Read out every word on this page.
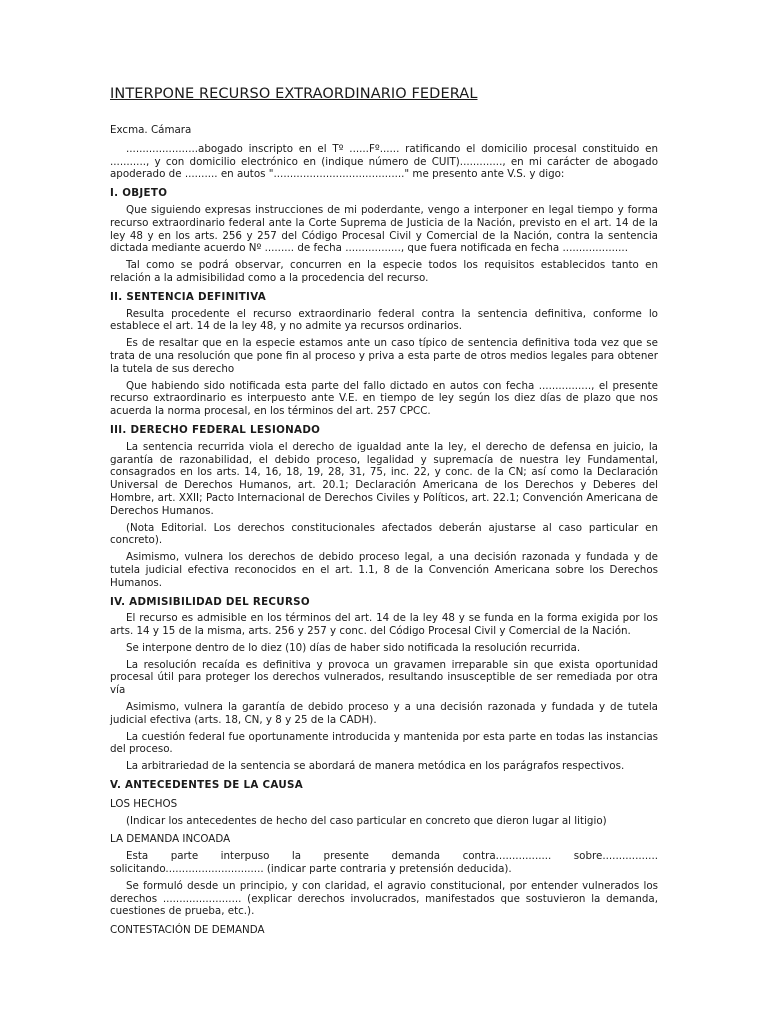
INTERPONE RECURSO EXTRAORDINARIO FEDERAL

Excma. Cámara

......................abogado inscripto en el Tº ......Fº...... ratificando el domicilio procesal constituido en ..........., y con domicilio electrónico en (indique número de CUIT)............., en mi carácter de abogado apoderado de .......... en autos "........................................" me presento ante V.S. y digo:

I. OBJETO

Que siguiendo expresas instrucciones de mi poderdante, vengo a interponer en legal tiempo y forma recurso extraordinario federal ante la Corte Suprema de Justicia de la Nación, previsto en el art. 14 de la ley 48 y en los arts. 256 y 257 del Código Procesal Civil y Comercial de la Nación, contra la sentencia dictada mediante acuerdo Nº ......... de fecha ................., que fuera notificada en fecha ....................

Tal como se podrá observar, concurren en la especie todos los requisitos establecidos tanto en relación a la admisibilidad como a la procedencia del recurso.

II. SENTENCIA DEFINITIVA

Resulta procedente el recurso extraordinario federal contra la sentencia definitiva, conforme lo establece el art. 14 de la ley 48, y no admite ya recursos ordinarios.

Es de resaltar que en la especie estamos ante un caso típico de sentencia definitiva toda vez que se trata de una resolución que pone fin al proceso y priva a esta parte de otros medios legales para obtener la tutela de sus derecho

Que habiendo sido notificada esta parte del fallo dictado en autos con fecha ................, el presente recurso extraordinario es interpuesto ante V.E. en tiempo de ley según los diez días de plazo que nos acuerda la norma procesal, en los términos del art. 257 CPCC.

III. DERECHO FEDERAL LESIONADO

La sentencia recurrida viola el derecho de igualdad ante la ley, el derecho de defensa en juicio, la garantía de razonabilidad, el debido proceso, legalidad y supremacía de nuestra ley Fundamental, consagrados en los arts. 14, 16, 18, 19, 28, 31, 75, inc. 22, y conc. de la CN; así como la Declaración Universal de Derechos Humanos, art. 20.1; Declaración Americana de los Derechos y Deberes del Hombre, art. XXII; Pacto Internacional de Derechos Civiles y Políticos, art. 22.1; Convención Americana de Derechos Humanos.

(Nota Editorial. Los derechos constitucionales afectados deberán ajustarse al caso particular en concreto).

Asimismo, vulnera los derechos de debido proceso legal, a una decisión razonada y fundada y de tutela judicial efectiva reconocidos en el art. 1.1, 8 de la Convención Americana sobre los Derechos Humanos.

IV. ADMISIBILIDAD DEL RECURSO

El recurso es admisible en los términos del art. 14 de la ley 48 y se funda en la forma exigida por los arts. 14 y 15 de la misma, arts. 256 y 257 y conc. del Código Procesal Civil y Comercial de la Nación.

Se interpone dentro de lo diez (10) días de haber sido notificada la resolución recurrida.

La resolución recaída es definitiva y provoca un gravamen irreparable sin que exista oportunidad procesal útil para proteger los derechos vulnerados, resultando insusceptible de ser remediada por otra vía

Asimismo, vulnera la garantía de debido proceso y a una decisión razonada y fundada y de tutela judicial efectiva (arts. 18, CN, y 8 y 25 de la CADH).

La cuestión federal fue oportunamente introducida y mantenida por esta parte en todas las instancias del proceso.

La arbitrariedad de la sentencia se abordará de manera metódica en los parágrafos respectivos.

V. ANTECEDENTES DE LA CAUSA
LOS HECHOS

(Indicar los antecedentes de hecho del caso particular en concreto que dieron lugar al litigio)

LA DEMANDA INCOADA

Esta parte interpuso la presente demanda contra................. sobre................. solicitando.............................. (indicar parte contraria y pretensión deducida).

Se formuló desde un principio, y con claridad, el agravio constitucional, por entender vulnerados los derechos ........................ (explicar derechos involucrados, manifestados que sostuvieron la demanda, cuestiones de prueba, etc.).

CONTESTACIÓN DE DEMANDA
